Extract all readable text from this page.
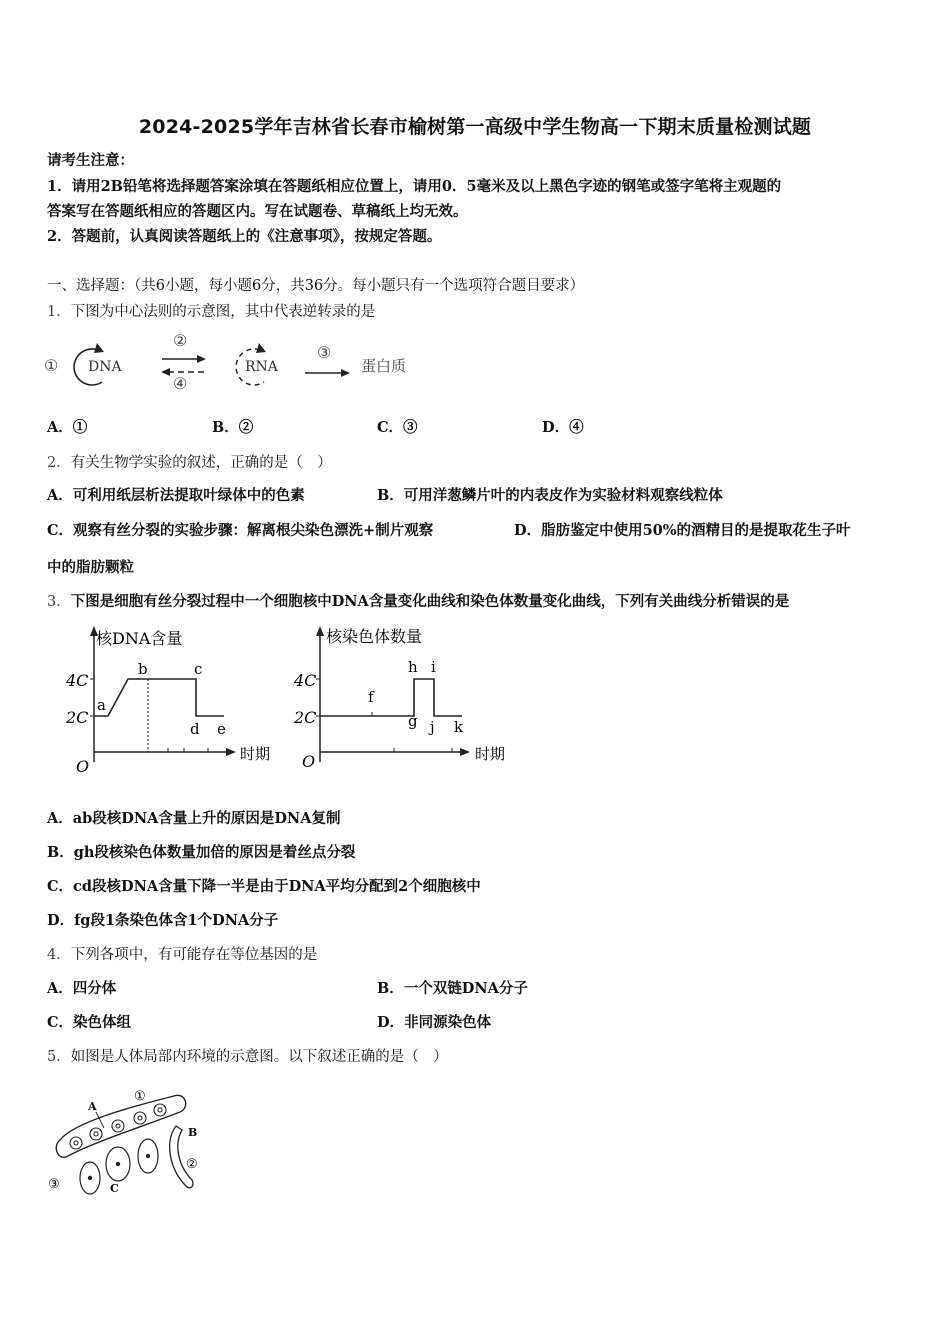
2024-2025学年吉林省长春市榆树第一高级中学生物高一下期末质量检测试题
请考生注意：
1．请用2B铅笔将选择题答案涂填在答题纸相应位置上，请用0．5毫米及以上黑色字迹的钢笔或签字笔将主观题的
答案写在答题纸相应的答题区内。写在试题卷、草稿纸上均无效。
2．答题前，认真阅读答题纸上的《注意事项》，按规定答题。
一、选择题：（共6小题，每小题6分，共36分。每小题只有一个选项符合题目要求）
1．下图为中心法则的示意图，其中代表逆转录的是
① DNA
②
④
RNA
③
蛋白质
A．①	B．②	C．③	D．④
2．有关生物学实验的叙述，正确的是（　）
A．可利用纸层析法提取叶绿体中的色素	B．可用洋葱鳞片叶的内表皮作为实验材料观察线粒体
C．观察有丝分裂的实验步骤：解离根尖染色漂洗+制片观察	D．脂肪鉴定中使用50%的酒精目的是提取花生子叶
中的脂肪颗粒
3．下图是细胞有丝分裂过程中一个细胞核中DNA含量变化曲线和染色体数量变化曲线，下列有关曲线分析错误的是
核DNA含量
时期
4C
2C
O
a
b	c
d e
核染色体数量
时期
4C
2C
O
f
g
h i
j k
A．ab段核DNA含量上升的原因是DNA复制
B．gh段核染色体数量加倍的原因是着丝点分裂
C．cd段核DNA含量下降一半是由于DNA平均分配到2个细胞核中
D．fg段1条染色体含1个DNA分子
4．下列各项中，有可能存在等位基因的是
A．四分体	B．一个双链DNA分子
C．染色体组	D．非同源染色体
5．如图是人体局部内环境的示意图。以下叙述正确的是（　）
A
①
B
②
③	C
